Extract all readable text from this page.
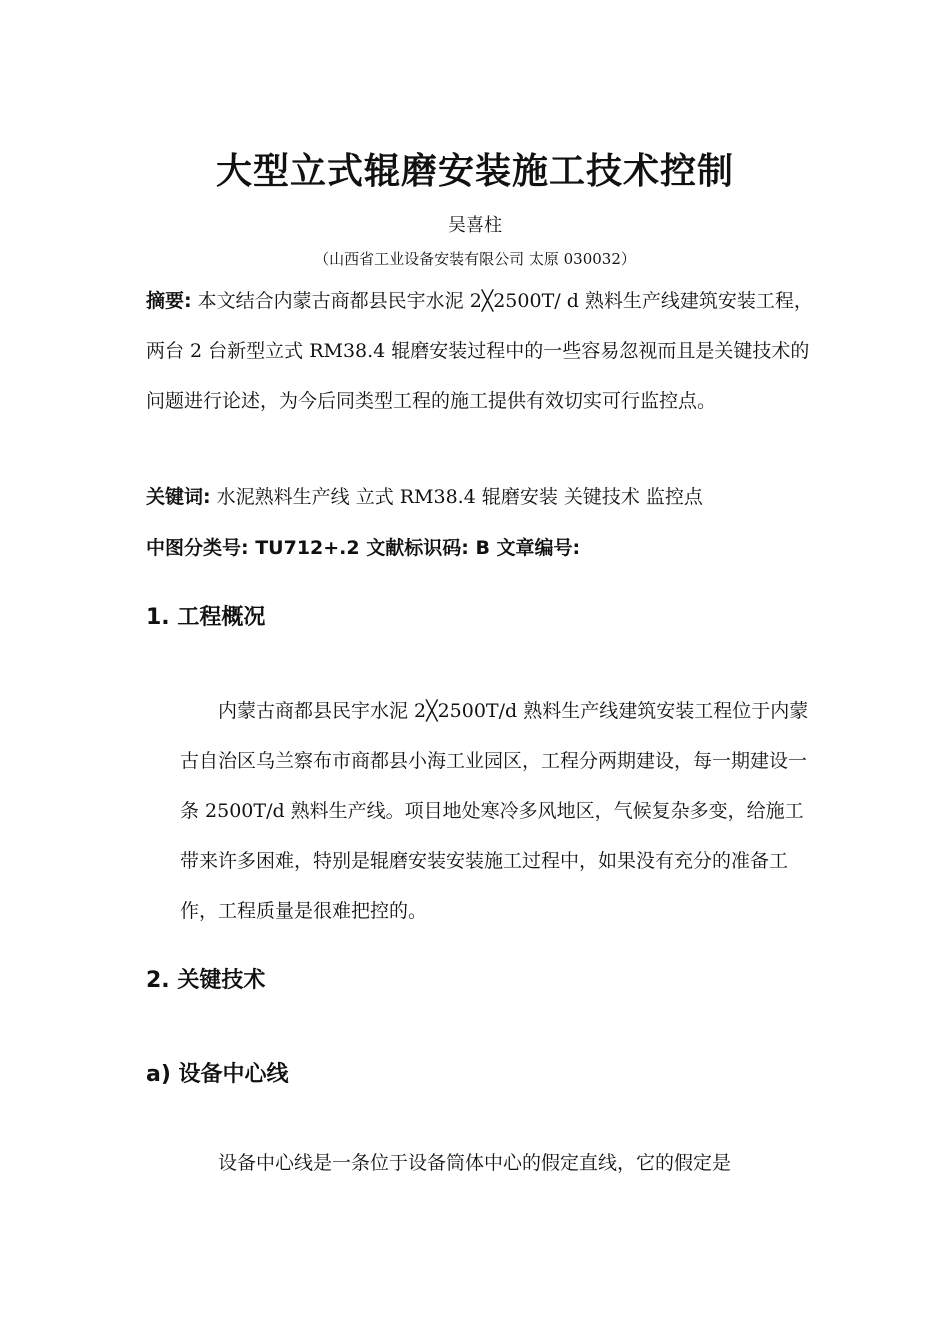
大型立式辊磨安装施工技术控制
吴喜柱
（山西省工业设备安装有限公司 太原 030032）

摘要: 本文结合内蒙古商都县民宇水泥 2╳2500T/ d 熟料生产线建筑安装工程，两台 2 台新型立式 RM38.4 辊磨安装过程中的一些容易忽视而且是关键技术的问题进行论述，为今后同类型工程的施工提供有效切实可行监控点。

关键词: 水泥熟料生产线 立式 RM38.4 辊磨安装 关键技术 监控点

中图分类号: TU712+.2 文献标识码: B 文章编号:

1. 工程概况

内蒙古商都县民宇水泥 2╳2500T/d 熟料生产线建筑安装工程位于内蒙古自治区乌兰察布市商都县小海工业园区，工程分两期建设，每一期建设一条 2500T/d 熟料生产线。项目地处寒冷多风地区，气候复杂多变，给施工带来许多困难，特别是辊磨安装安装施工过程中，如果没有充分的准备工作，工程质量是很难把控的。

2. 关键技术
a) 设备中心线

设备中心线是一条位于设备筒体中心的假定直线，它的假定是
